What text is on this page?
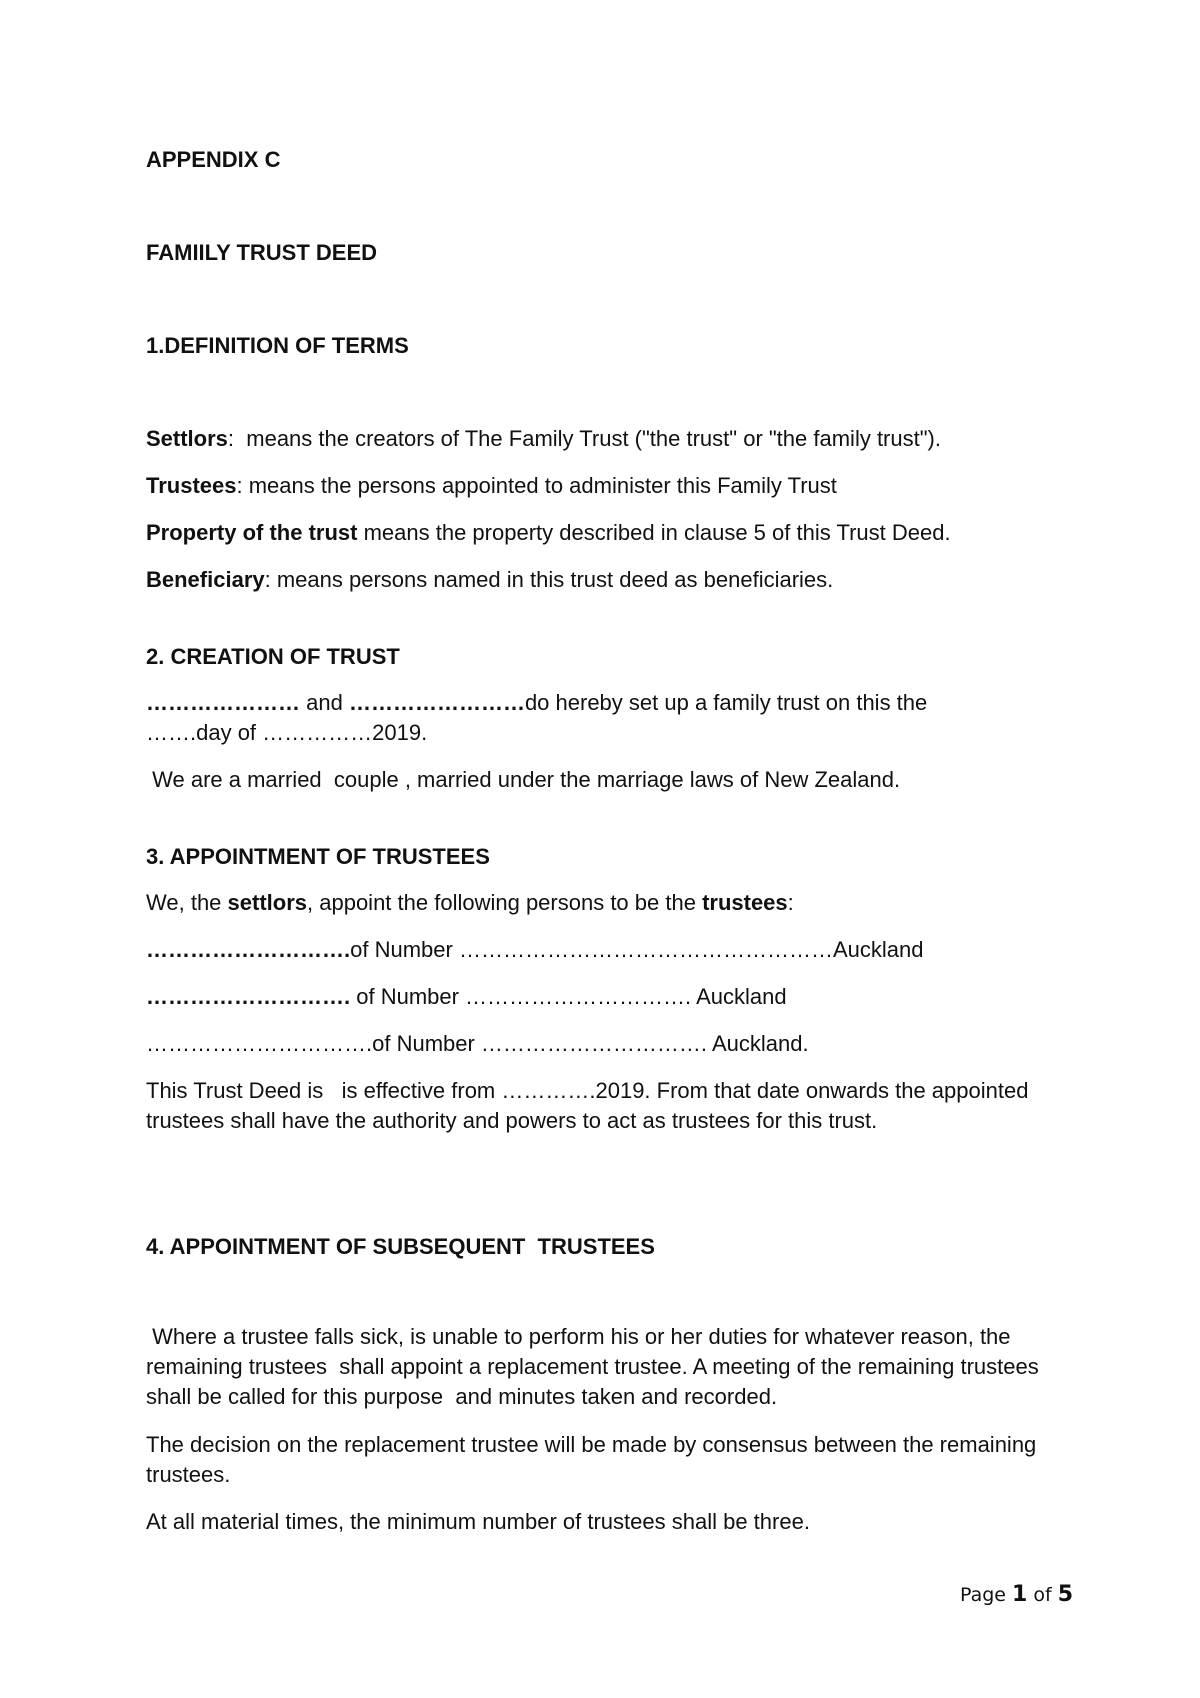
APPENDIX C
FAMIILY TRUST DEED
1.DEFINITION OF TERMS
Settlors:  means the creators of The Family Trust ("the trust" or "the family trust").
Trustees: means the persons appointed to administer this Family Trust
Property of the trust means the property described in clause 5 of this Trust Deed.
Beneficiary: means persons named in this trust deed as beneficiaries.
2. CREATION OF TRUST
………………… and ……………………do hereby set up a family trust on this the
…….day of ……………2019.
We are a married  couple , married under the marriage laws of New Zealand.
3. APPOINTMENT OF TRUSTEES
We, the settlors, appoint the following persons to be the trustees:
……………………….of Number ……………………………………………Auckland
………………………. of Number …………………………. Auckland
………………………….of Number …………………………. Auckland.
This Trust Deed is   is effective from ………….2019. From that date onwards the appointed trustees shall have the authority and powers to act as trustees for this trust.
4. APPOINTMENT OF SUBSEQUENT  TRUSTEES
Where a trustee falls sick, is unable to perform his or her duties for whatever reason, the remaining trustees  shall appoint a replacement trustee. A meeting of the remaining trustees shall be called for this purpose  and minutes taken and recorded.
The decision on the replacement trustee will be made by consensus between the remaining trustees.
At all material times, the minimum number of trustees shall be three.
Page 1 of 5
